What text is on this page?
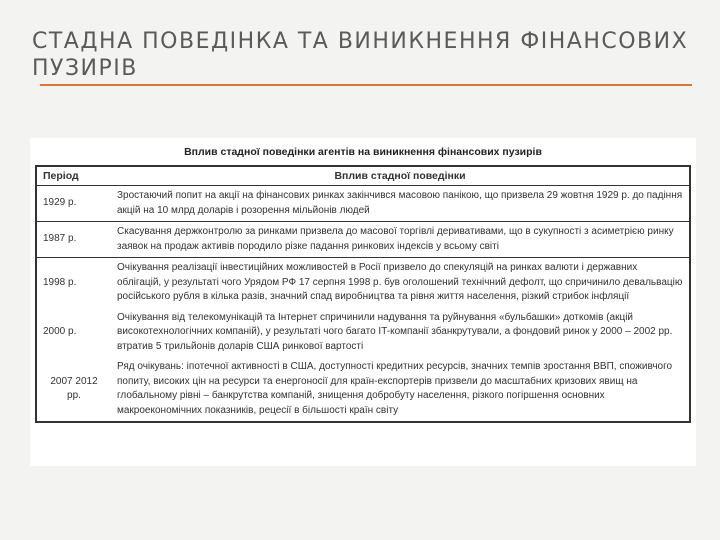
СТАДНА ПОВЕДІНКА ТА ВИНИКНЕННЯ ФІНАНСОВИХ ПУЗИРІВ
Вплив стадної поведінки агентів на виникнення фінансових пузирів
Період	Вплив стадної поведінки
1929 р.	Зростаючий попит на акції на фінансових ринках закінчився масовою панікою, що призвела 29 жовтня 1929 р. до падіння акцій на 10 млрд доларів і розорення мільйонів людей
1987 р.	Скасування держконтролю за ринками призвела до масової торгівлі деривативами, що в сукупності з асиметрією ринку заявок на продаж активів породило різке падання ринкових індексів у всьому світі
1998 р.	Очікування реалізації інвестиційних можливостей в Росії призвело до спекуляцій на ринках валюти і державних облігацій, у результаті чого Урядом РФ 17 серпня 1998 р. був оголошений технічний дефолт, що спричинило девальвацію російського рубля в кілька разів, значний спад виробництва та рівня життя населення, різкий стрибок інфляції
2000 р.	Очікування від телекомунікацій та Інтернет спричинили надування та руйнування «бульбашки» доткомів (акцій високотехнологічних компаній), у результаті чого багато IT-компанії збанкрутували, а фондовий ринок у 2000 – 2002 рр. втратив 5 трильйонів доларів США ринкової вартості
2007 2012 рр.	Ряд очікувань: іпотечної активності в США, доступності кредитних ресурсів, значних темпів зростання ВВП, споживчого попиту, високих цін на ресурси та енергоносії для країн-експортерів призвели до масштабних кризових явищ на глобальному рівні – банкрутства компаній, знищення добробуту населення, різкого погіршення основних макроекономічних показників, рецесії в більшості країн світу
